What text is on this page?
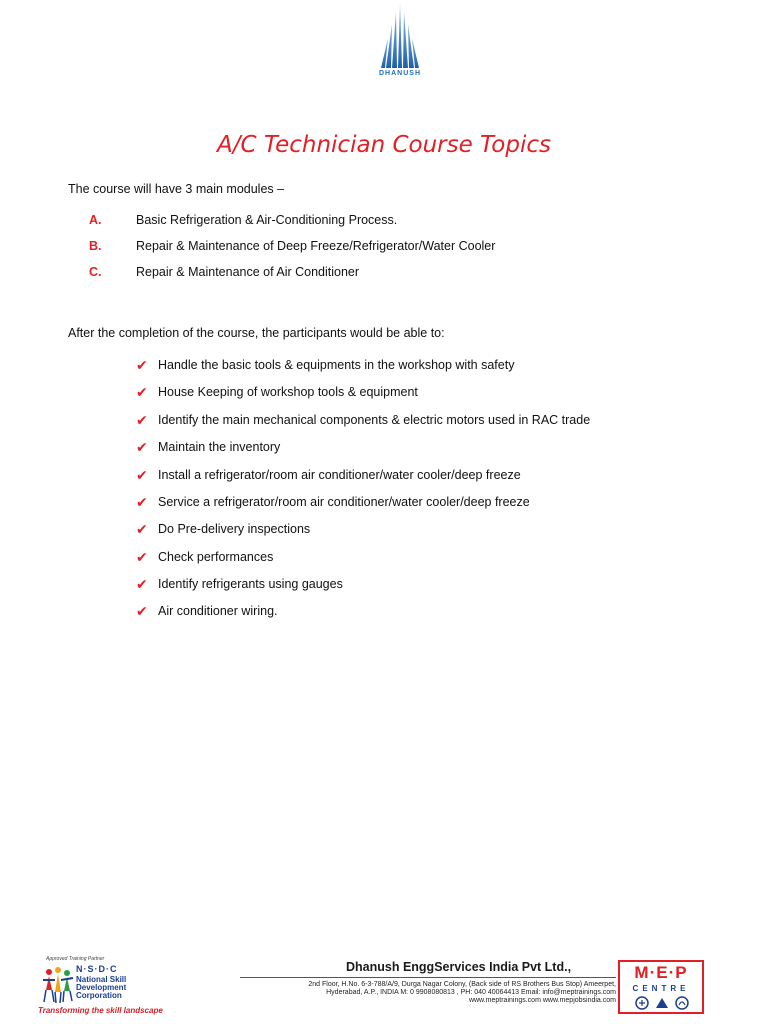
DHANUSH
A/C Technician Course Topics
The course will have 3 main modules –
A.	Basic Refrigeration & Air-Conditioning Process.
B.	Repair & Maintenance of Deep Freeze/Refrigerator/Water Cooler
C.	Repair & Maintenance of Air Conditioner
After the completion of the course, the participants would be able to:
✔ Handle the basic tools & equipments in the workshop with safety
✔ House Keeping of workshop tools & equipment
✔ Identify the main mechanical components & electric motors used in RAC trade
✔ Maintain the inventory
✔ Install a refrigerator/room air conditioner/water cooler/deep freeze
✔ Service a refrigerator/room air conditioner/water cooler/deep freeze
✔ Do Pre-delivery inspections
✔ Check performances
✔ Identify refrigerants using gauges
✔ Air conditioner wiring.
Approved Training Partner
N·S·D·C
National Skill Development Corporation
Transforming the skill landscape
Dhanush EnggServices India Pvt Ltd.,
2nd Floor, H.No. 6-3-788/A/9, Durga Nagar Colony, (Back side of RS Brothers Bus Stop) Ameerpet,
Hyderabad, A.P., INDIA M: 0 9908080813 , PH: 040 40064413 Email: info@meptrainings.com
www.meptrainings.com www.mepjobsindia.com
M·E·P
CENTRE
